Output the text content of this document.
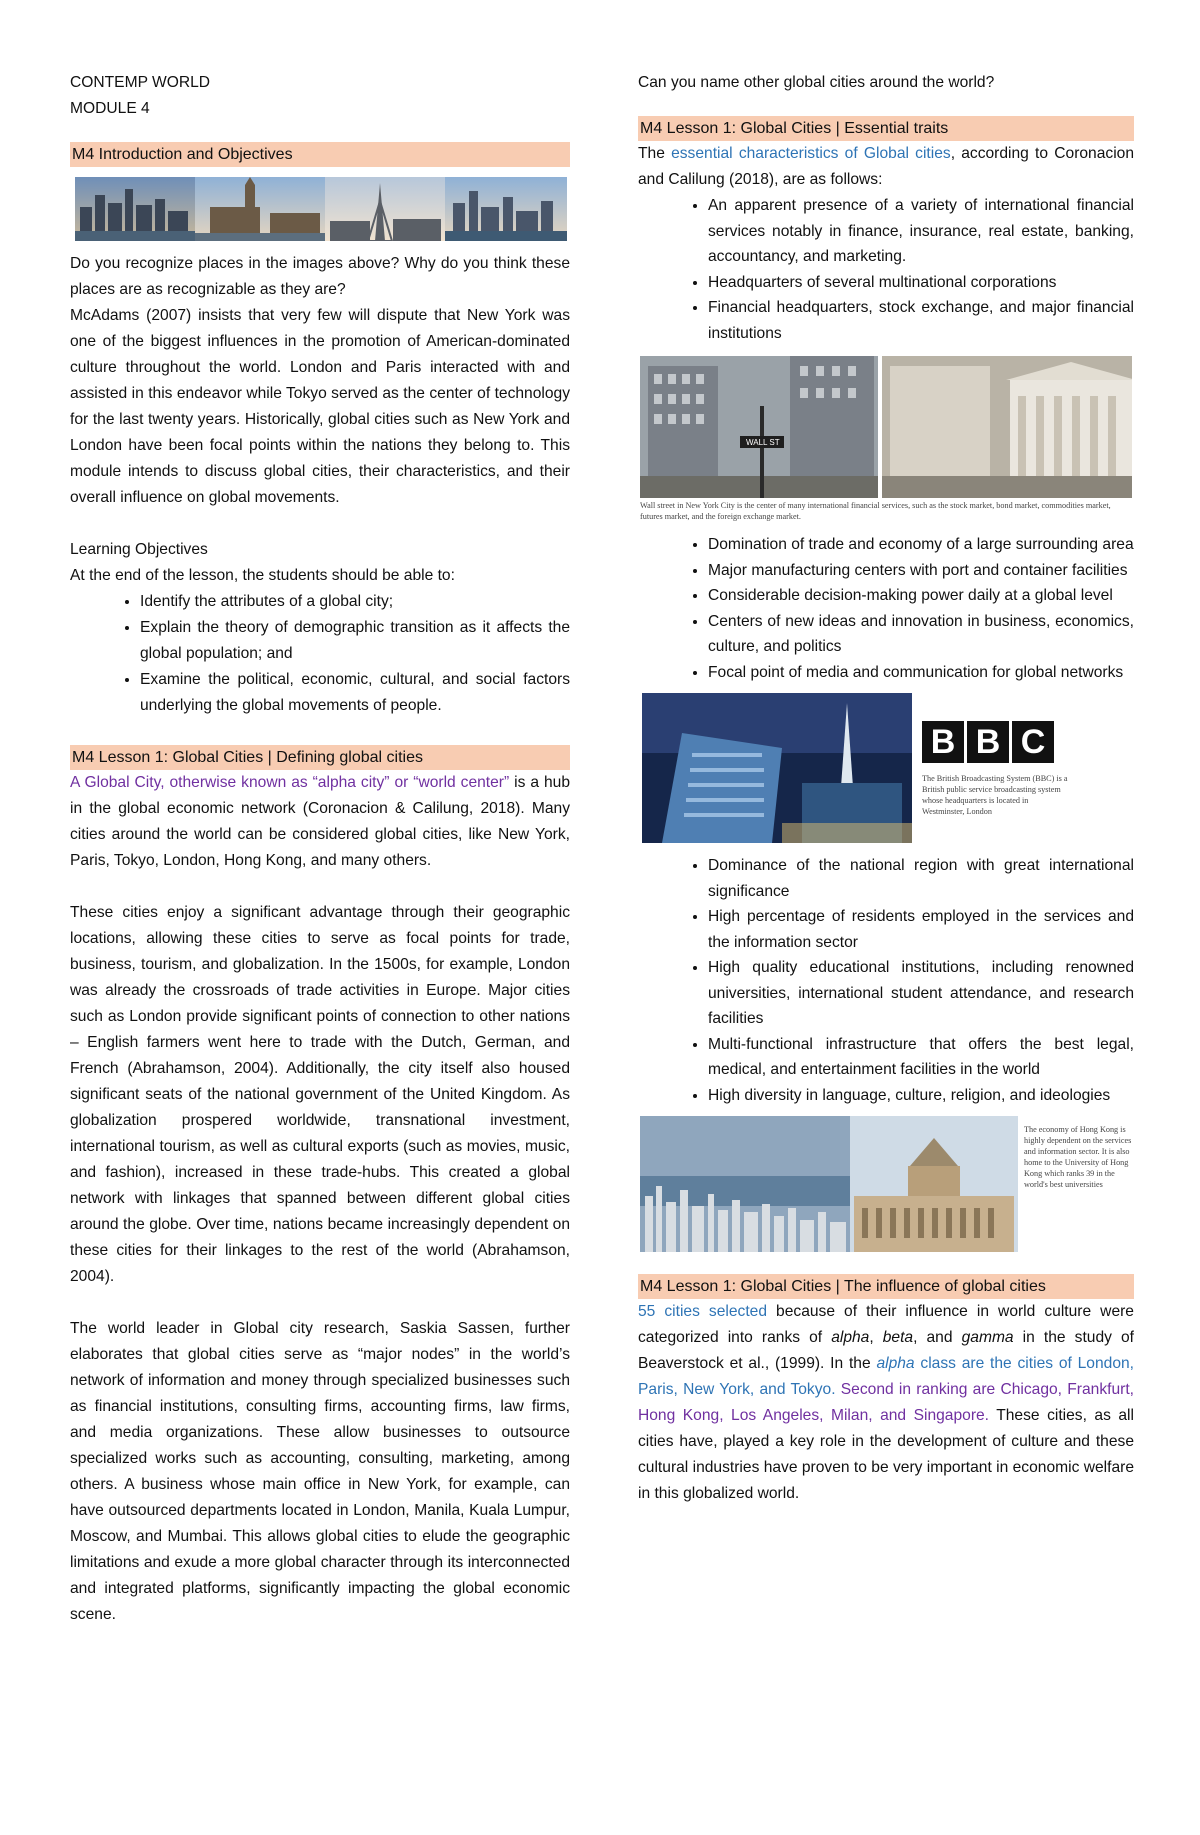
CONTEMP WORLD
MODULE 4
M4 Introduction and Objectives

Do you recognize places in the images above? Why do you think these places are as recognizable as they are?

McAdams (2007) insists that very few will dispute that New York was one of the biggest influences in the promotion of American-dominated culture throughout the world. London and Paris interacted with and assisted in this endeavor while Tokyo served as the center of technology for the last twenty years. Historically, global cities such as New York and London have been focal points within the nations they belong to. This module intends to discuss global cities, their characteristics, and their overall influence on global movements.

Learning Objectives

At the end of the lesson, the students should be able to:

• Identify the attributes of a global city;
• Explain the theory of demographic transition as it affects the global population; and
• Examine the political, economic, cultural, and social factors underlying the global movements of people.
M4 Lesson 1: Global Cities | Defining global cities

A Global City, otherwise known as “alpha city” or “world center” is a hub in the global economic network (Coronacion & Calilung, 2018). Many cities around the world can be considered global cities, like New York, Paris, Tokyo, London, Hong Kong, and many others.

These cities enjoy a significant advantage through their geographic locations, allowing these cities to serve as focal points for trade, business, tourism, and globalization. In the 1500s, for example, London was already the crossroads of trade activities in Europe. Major cities such as London provide significant points of connection to other nations – English farmers went here to trade with the Dutch, German, and French (Abrahamson, 2004). Additionally, the city itself also housed significant seats of the national government of the United Kingdom. As globalization prospered worldwide, transnational investment, international tourism, as well as cultural exports (such as movies, music, and fashion), increased in these trade-hubs. This created a global network with linkages that spanned between different global cities around the globe. Over time, nations became increasingly dependent on these cities for their linkages to the rest of the world (Abrahamson, 2004).

The world leader in Global city research, Saskia Sassen, further elaborates that global cities serve as “major nodes” in the world’s network of information and money through specialized businesses such as financial institutions, consulting firms, accounting firms, law firms, and media organizations. These allow businesses to outsource specialized works such as accounting, consulting, marketing, among others. A business whose main office in New York, for example, can have outsourced departments located in London, Manila, Kuala Lumpur, Moscow, and Mumbai. This allows global cities to elude the geographic limitations and exude a more global character through its interconnected and integrated platforms, significantly impacting the global economic scene.

Can you name other global cities around the world?
M4 Lesson 1: Global Cities | Essential traits

The essential characteristics of Global cities, according to Coronacion and Calilung (2018), are as follows:

• An apparent presence of a variety of international financial services notably in finance, insurance, real estate, banking, accountancy, and marketing.
• Headquarters of several multinational corporations
• Financial headquarters, stock exchange, and major financial institutions
WALL ST
Wall street in New York City is the center of many international financial services, such as the stock market, bond market, commodities market, futures market, and the foreign exchange market.
• Domination of trade and economy of a large surrounding area
• Major manufacturing centers with port and container facilities
• Considerable decision-making power daily at a global level
• Centers of new ideas and innovation in business, economics, culture, and politics
• Focal point of media and communication for global networks
B B C
The British Broadcasting System (BBC) is a British public service broadcasting system whose headquarters is located in Westminster, London
• Dominance of the national region with great international significance
• High percentage of residents employed in the services and the information sector
• High quality educational institutions, including renowned universities, international student attendance, and research facilities
• Multi-functional infrastructure that offers the best legal, medical, and entertainment facilities in the world
• High diversity in language, culture, religion, and ideologies
The economy of Hong Kong is highly dependent on the services and information sector. It is also home to the University of Hong Kong which ranks 39 in the world's best universities
M4 Lesson 1: Global Cities | The influence of global cities

55 cities selected because of their influence in world culture were categorized into ranks of alpha, beta, and gamma in the study of Beaverstock et al., (1999). In the alpha class are the cities of London, Paris, New York, and Tokyo. Second in ranking are Chicago, Frankfurt, Hong Kong, Los Angeles, Milan, and Singapore. These cities, as all cities have, played a key role in the development of culture and these cultural industries have proven to be very important in economic welfare in this globalized world.
